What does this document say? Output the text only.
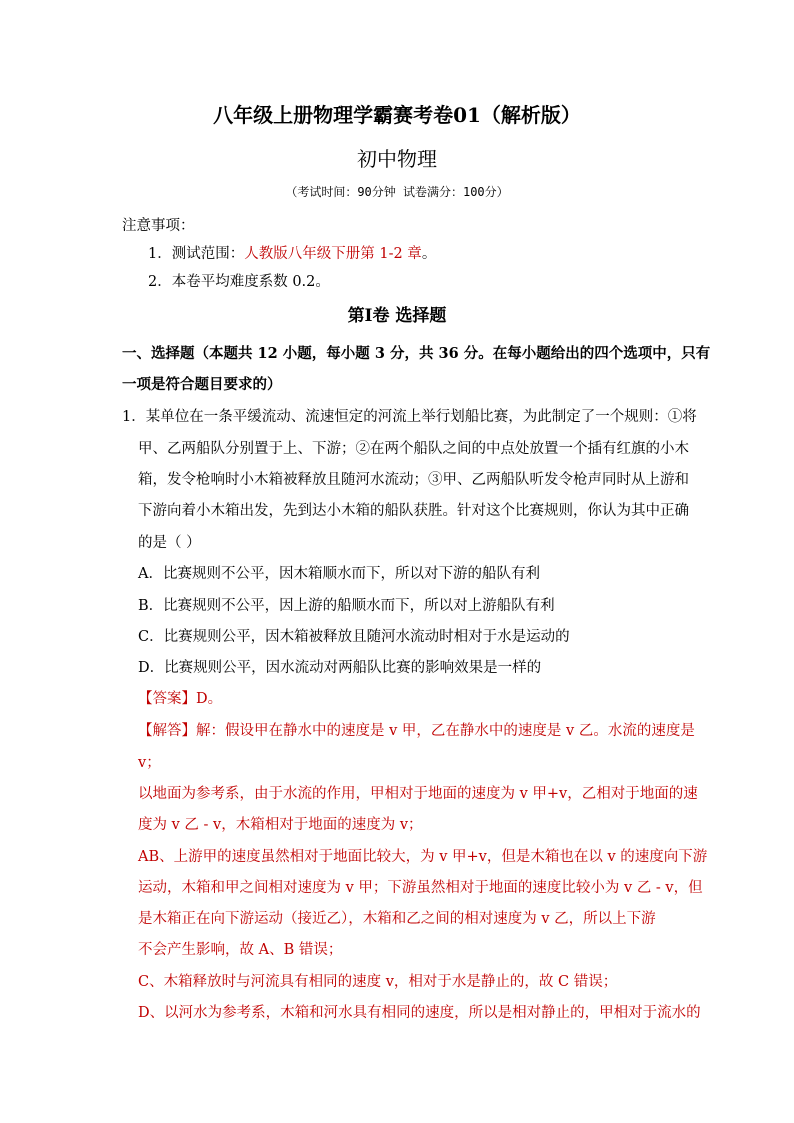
八年级上册物理学霸赛考卷01（解析版）
初中物理
（考试时间：90分钟 试卷满分：100分）
注意事项：
1．测试范围：人教版八年级下册第 1-2 章。
2．本卷平均难度系数 0.2。
第Ⅰ卷 选择题
一、选择题（本题共 12 小题，每小题 3 分，共 36 分。在每小题给出的四个选项中，只有
一项是符合题目要求的）
1．某单位在一条平缓流动、流速恒定的河流上举行划船比赛，为此制定了一个规则：①将
甲、乙两船队分别置于上、下游；②在两个船队之间的中点处放置一个插有红旗的小木
箱，发令枪响时小木箱被释放且随河水流动；③甲、乙两船队听发令枪声同时从上游和
下游向着小木箱出发，先到达小木箱的船队获胜。针对这个比赛规则，你认为其中正确
的是（ ）
A．比赛规则不公平，因木箱顺水而下，所以对下游的船队有利
B．比赛规则不公平，因上游的船顺水而下，所以对上游船队有利
C．比赛规则公平，因木箱被释放且随河水流动时相对于水是运动的
D．比赛规则公平，因水流动对两船队比赛的影响效果是一样的
【答案】D。
【解答】解：假设甲在静水中的速度是 v 甲，乙在静水中的速度是 v 乙。水流的速度是
v；
以地面为参考系，由于水流的作用，甲相对于地面的速度为 v 甲+v，乙相对于地面的速
度为 v 乙 - v，木箱相对于地面的速度为 v；
AB、上游甲的速度虽然相对于地面比较大，为 v 甲+v，但是木箱也在以 v 的速度向下游
运动，木箱和甲之间相对速度为 v 甲；下游虽然相对于地面的速度比较小为 v 乙 - v，但
是木箱正在向下游运动（接近乙），木箱和乙之间的相对速度为 v 乙，所以上下游
不会产生影响，故 A、B 错误；
C、木箱释放时与河流具有相同的速度 v，相对于水是静止的，故 C 错误；
D、以河水为参考系，木箱和河水具有相同的速度，所以是相对静止的，甲相对于流水的
